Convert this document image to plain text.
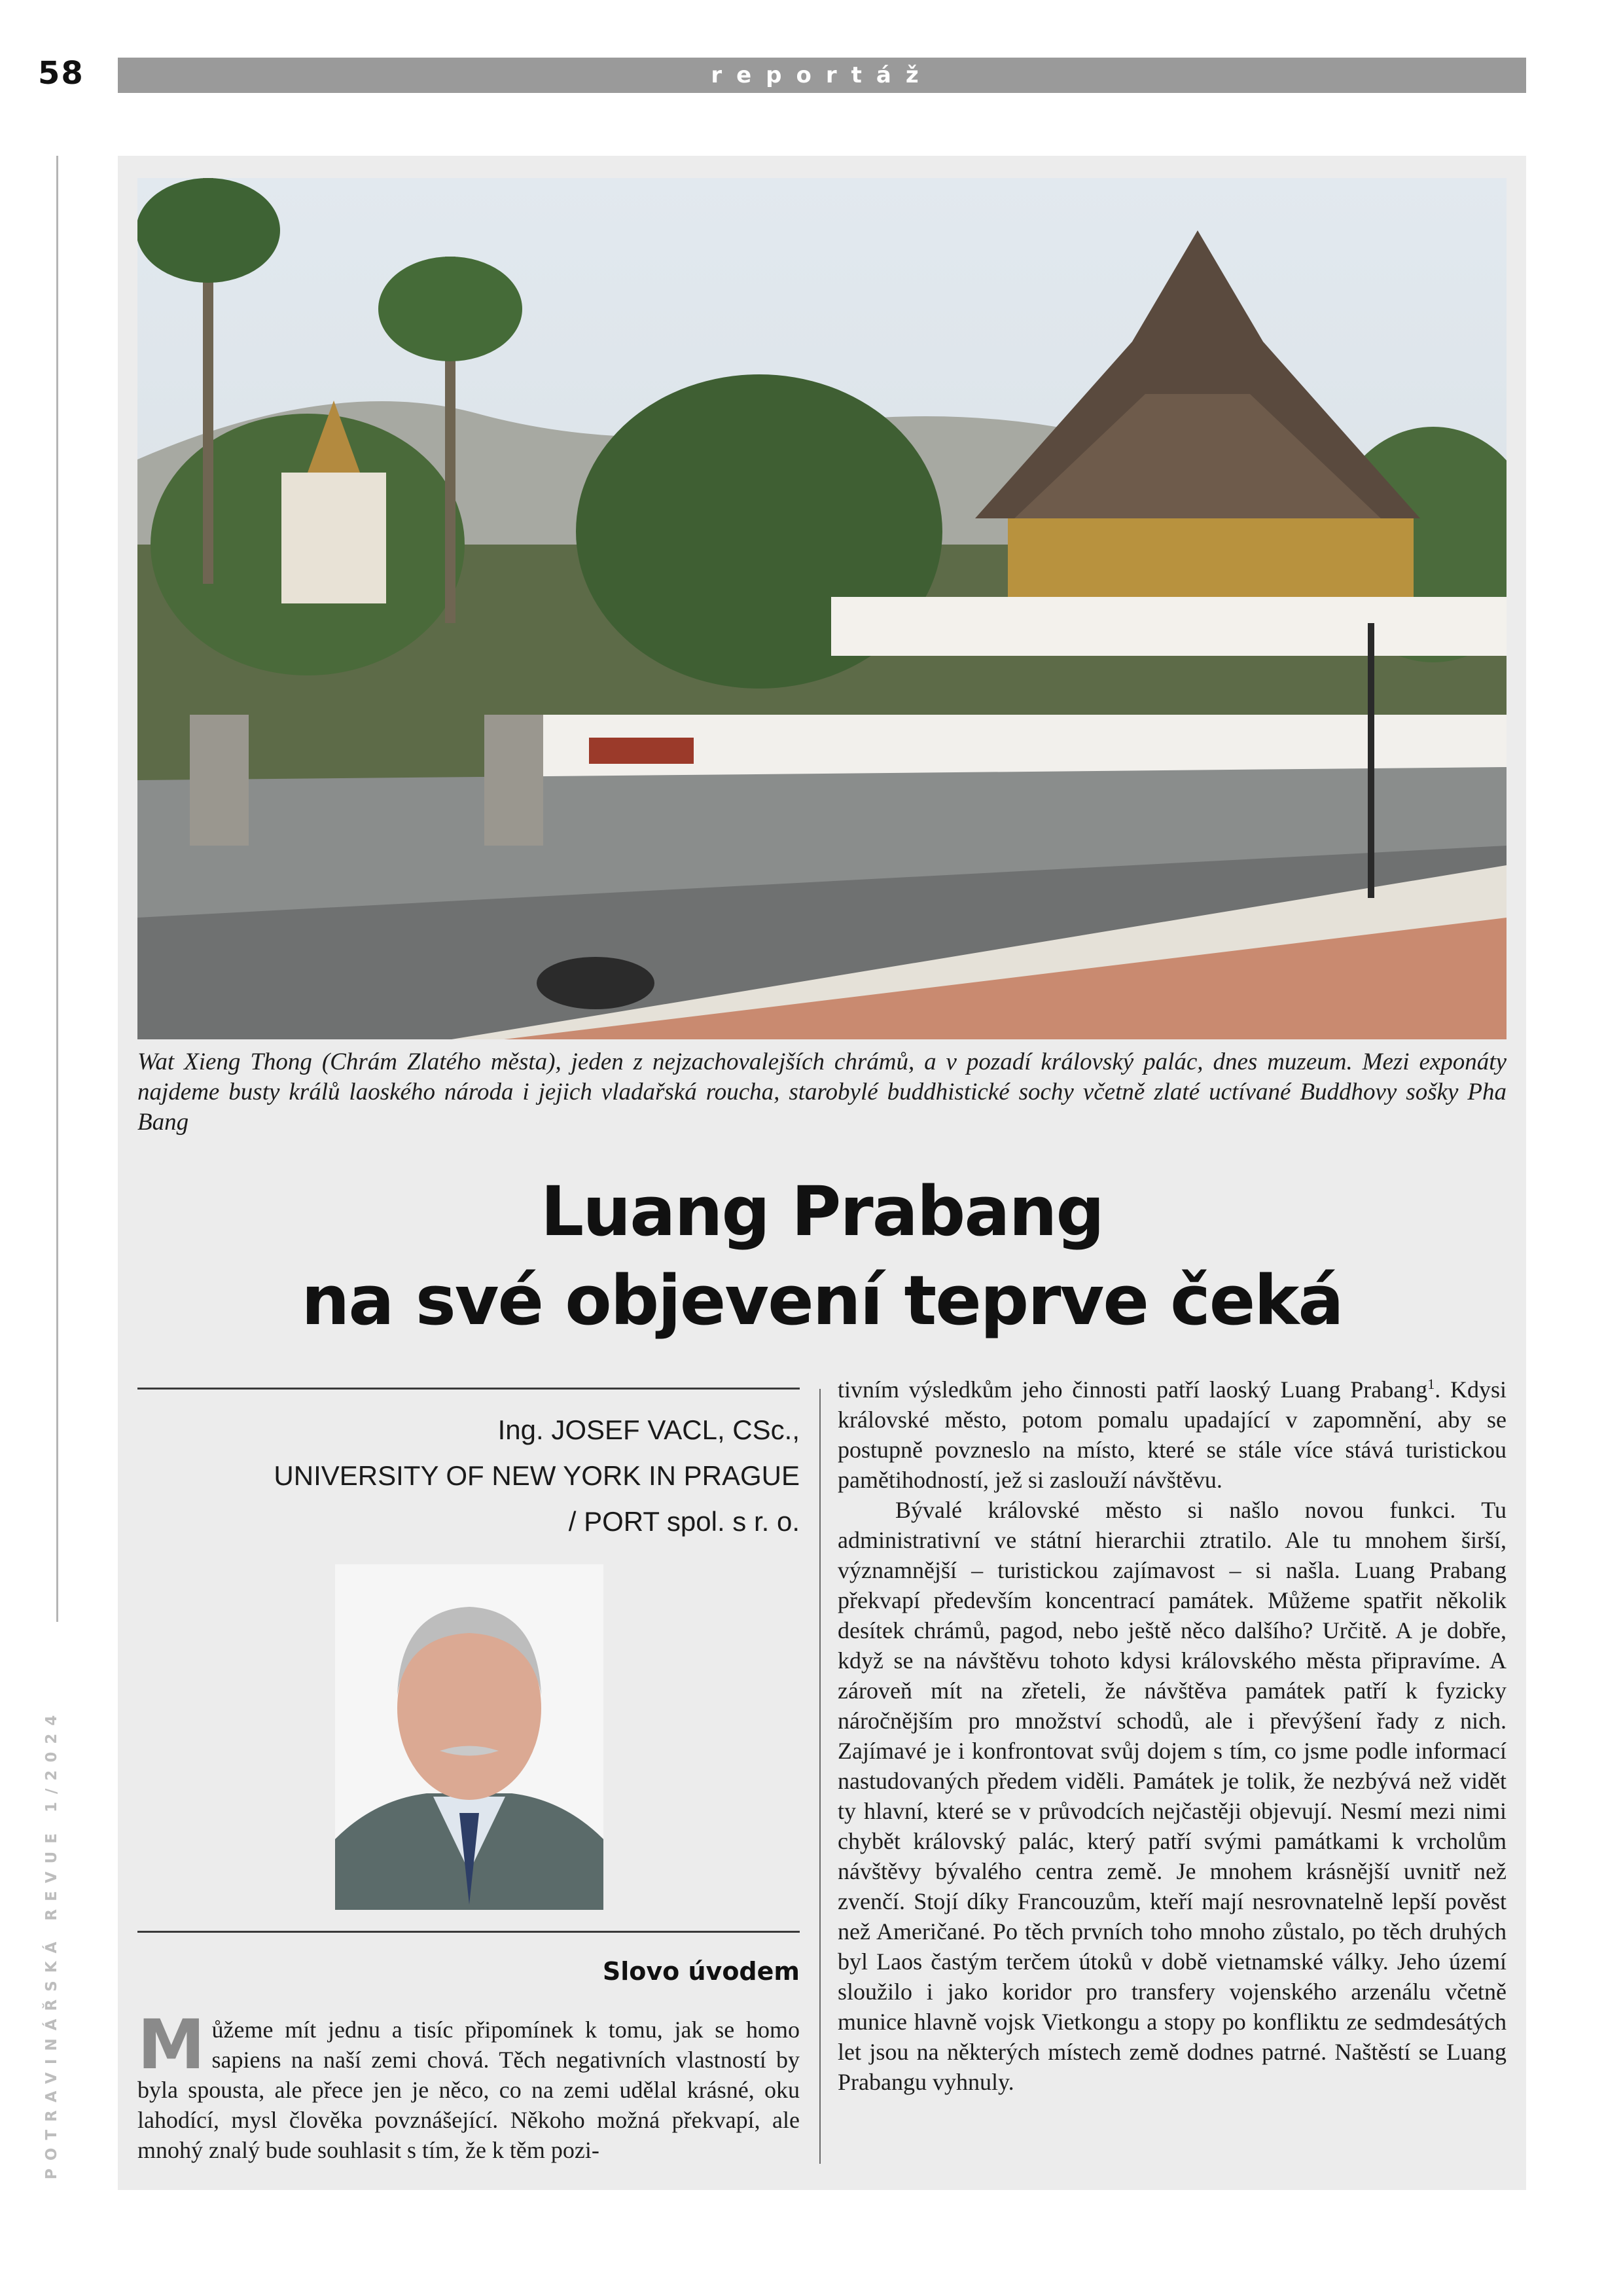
58	reportáž
POTRAVINÁŘSKÁ REVUE 1/2024
Wat Xieng Thong (Chrám Zlatého města), jeden z nejzachovalejších chrámů, a v pozadí královský palác, dnes muzeum. Mezi exponáty najdeme busty králů laoského národa i jejich vladařská roucha, starobylé buddhistické sochy včetně zlaté uctívané Buddhovy sošky Pha Bang
Luang Prabang
na své objevení teprve čeká
Ing. JOSEF VACL, CSc.,
UNIVERSITY OF NEW YORK IN PRAGUE
/ PORT spol. s r. o.
Slovo úvodem
Můžeme mít jednu a tisíc připomínek k tomu, jak se homo sapiens na naší zemi chová. Těch negativních vlastností by byla spousta, ale přece jen je něco, co na zemi udělal krásné, oku lahodící, mysl člověka povznášející. Někoho možná překvapí, ale mnohý znalý bude souhlasit s tím, že k těm pozi-

tivním výsledkům jeho činnosti patří laoský Luang Prabang$^1$. Kdysi královské město, potom pomalu upadající v zapomnění, aby se postupně povzneslo na místo, které se stále více stává turistickou pamětihodností, jež si zaslouží návštěvu.

Bývalé královské město si našlo novou funkci. Tu administrativní ve státní hierarchii ztratilo. Ale tu mnohem širší, významnější – turistickou zajímavost – si našla. Luang Prabang překvapí především koncentrací památek. Můžeme spatřit několik desítek chrámů, pagod, nebo ještě něco dalšího? Určitě. A je dobře, když se na návštěvu tohoto kdysi královského města připravíme. A zároveň mít na zřeteli, že návštěva památek patří k fyzicky náročnějším pro množství schodů, ale i převýšení řady z nich. Zajímavé je i konfrontovat svůj dojem s tím, co jsme podle informací nastudovaných předem viděli. Památek je tolik, že nezbývá než vidět ty hlavní, které se v průvodcích nejčastěji objevují. Nesmí mezi nimi chybět královský palác, který patří svými památkami k vrcholům návštěvy bývalého centra země. Je mnohem krásnější uvnitř než zvenčí. Stojí díky Francouzům, kteří mají nesrovnatelně lepší pověst než Američané. Po těch prvních toho mnoho zůstalo, po těch druhých byl Laos častým terčem útoků v době vietnamské války. Jeho území sloužilo i jako koridor pro transfery vojenského arzenálu včetně munice hlavně vojsk Vietkongu a stopy po konfliktu ze sedmdesátých let jsou na některých místech země dodnes patrné. Naštěstí se Luang Prabangu vyhnuly.
